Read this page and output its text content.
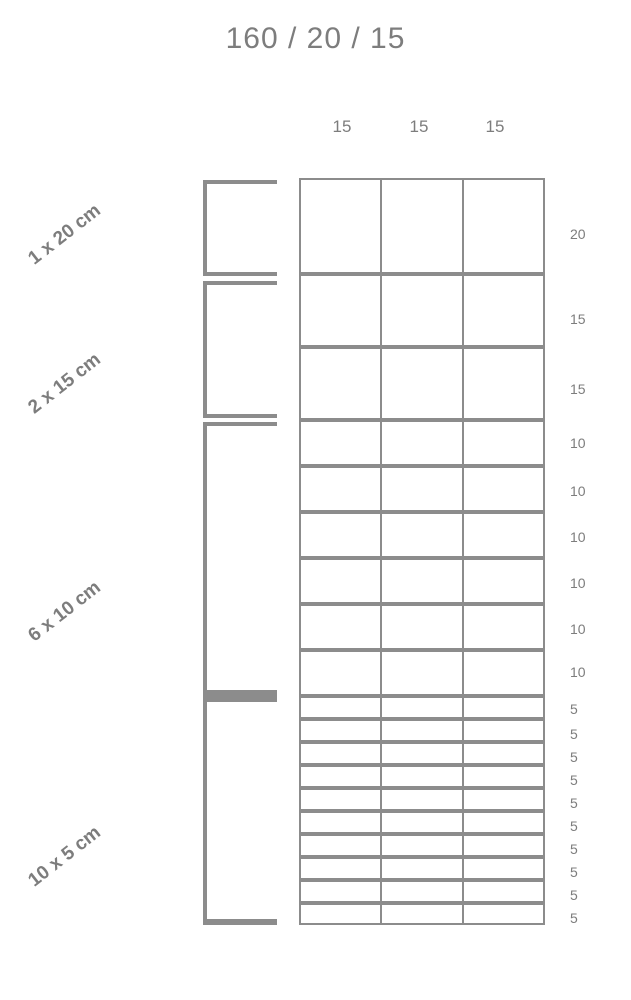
160 / 20 / 15
15	15	15
1 x 20 cm
2 x 15 cm
6 x 10 cm
10 x 5 cm
20
15
15
10
10
10
10
10
10
5
5
5
5
5
5
5
5
5
5
